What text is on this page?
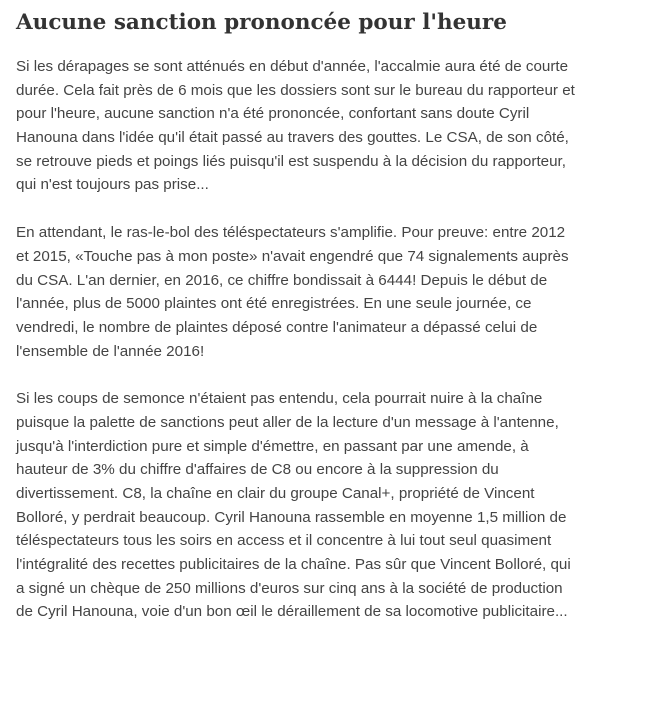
Aucune sanction prononcée pour l'heure

Si les dérapages se sont atténués en début d'année, l'accalmie aura été de courte
durée. Cela fait près de 6 mois que les dossiers sont sur le bureau du rapporteur et
pour l'heure, aucune sanction n'a été prononcée, confortant sans doute Cyril
Hanouna dans l'idée qu'il était passé au travers des gouttes. Le CSA, de son côté,
se retrouve pieds et poings liés puisqu'il est suspendu à la décision du rapporteur,
qui n'est toujours pas prise...

En attendant, le ras-le-bol des téléspectateurs s'amplifie. Pour preuve: entre 2012
et 2015, «Touche pas à mon poste» n'avait engendré que 74 signalements auprès
du CSA. L'an dernier, en 2016, ce chiffre bondissait à 6444! Depuis le début de
l'année, plus de 5000 plaintes ont été enregistrées. En une seule journée, ce
vendredi, le nombre de plaintes déposé contre l'animateur a dépassé celui de
l'ensemble de l'année 2016!

Si les coups de semonce n'étaient pas entendu, cela pourrait nuire à la chaîne
puisque la palette de sanctions peut aller de la lecture d'un message à l'antenne,
jusqu'à l'interdiction pure et simple d'émettre, en passant par une amende, à
hauteur de 3% du chiffre d'affaires de C8 ou encore à la suppression du
divertissement. C8, la chaîne en clair du groupe Canal+, propriété de Vincent
Bolloré, y perdrait beaucoup. Cyril Hanouna rassemble en moyenne 1,5 million de
téléspectateurs tous les soirs en access et il concentre à lui tout seul quasiment
l'intégralité des recettes publicitaires de la chaîne. Pas sûr que Vincent Bolloré, qui
a signé un chèque de 250 millions d'euros sur cinq ans à la société de production
de Cyril Hanouna, voie d'un bon œil le déraillement de sa locomotive publicitaire...
